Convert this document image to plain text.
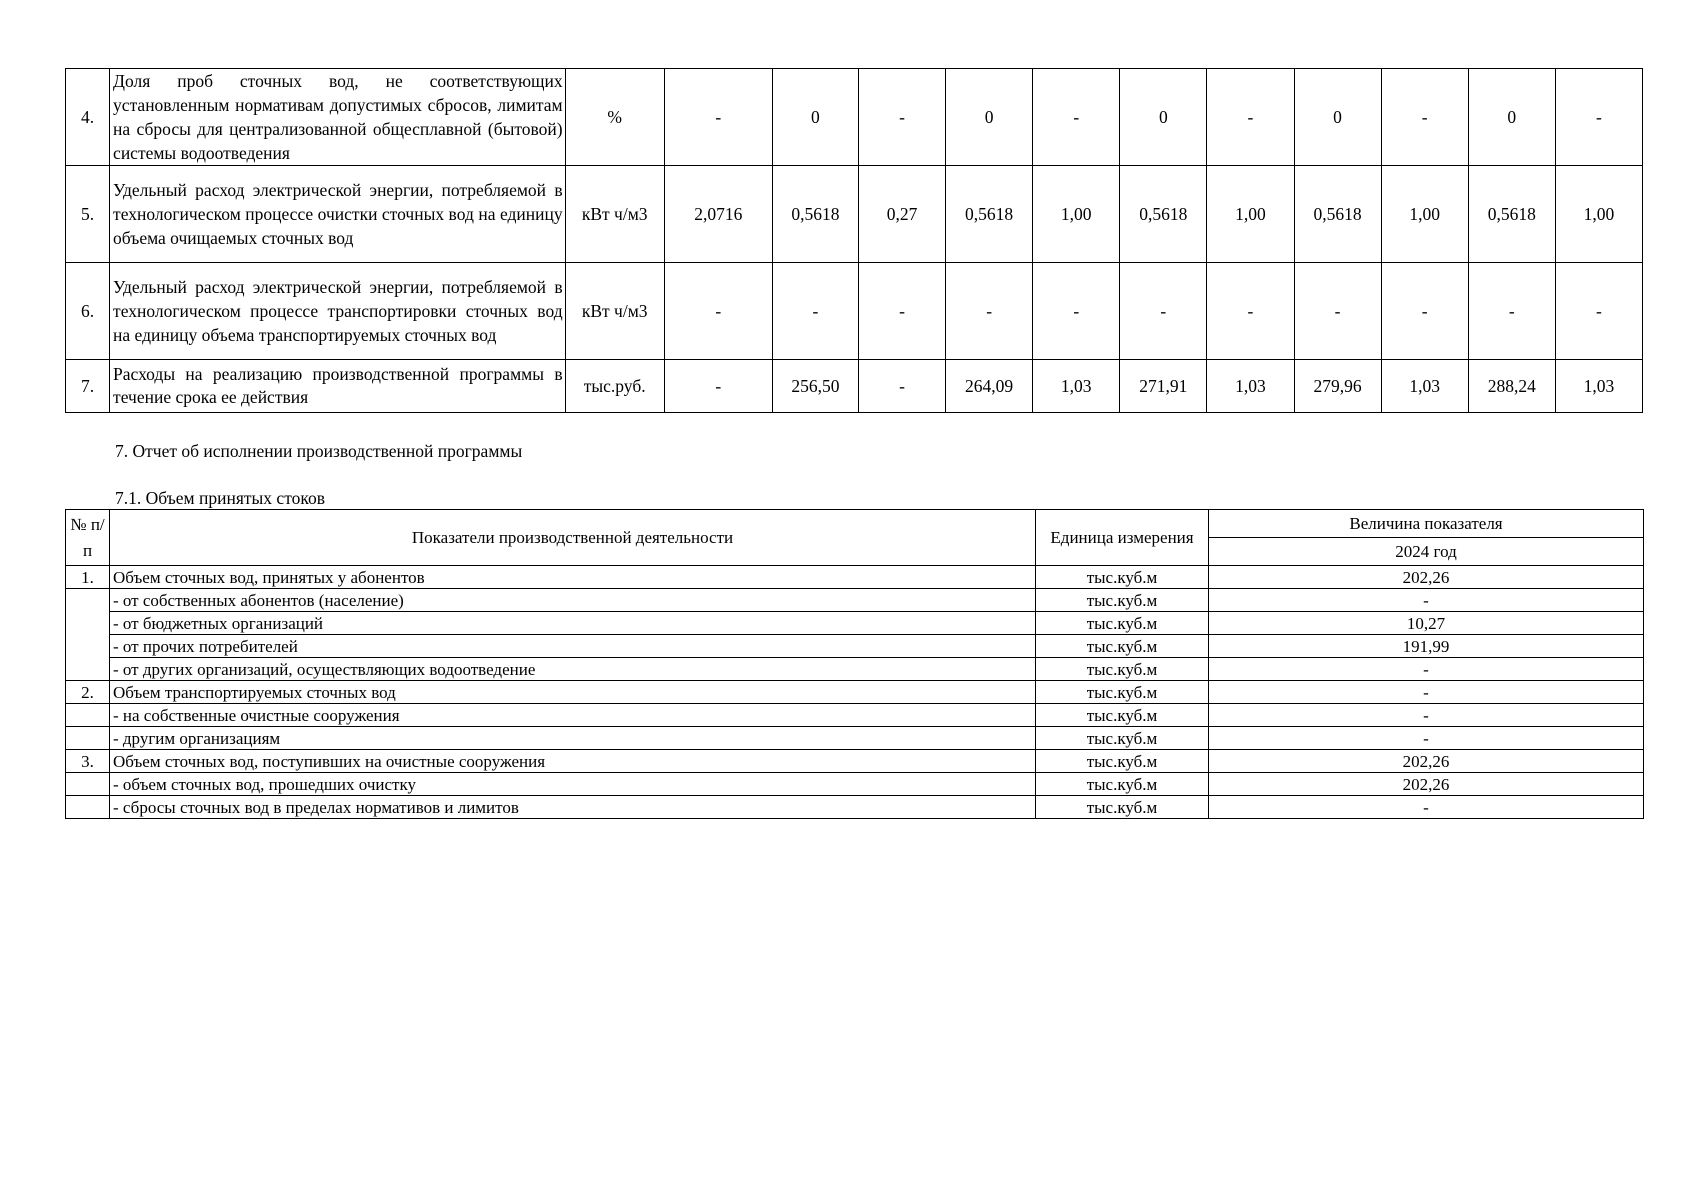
4.	Доля проб сточных вод, не соответствующих установленным нормативам допустимых сбросов, лимитам на сбросы для централизованной общесплавной (бытовой) системы водоотведения	%	-	0	-	0	-	0	-	0	-	0	-
5.	Удельный расход электрической энергии, потребляемой в технологическом процессе очистки сточных вод на единицу объема очищаемых сточных вод	кВт ч/м3	2,0716	0,5618	0,27	0,5618	1,00	0,5618	1,00	0,5618	1,00	0,5618	1,00
6.	Удельный расход электрической энергии, потребляемой в технологическом процессе транспортировки сточных вод на единицу объема транспортируемых сточных вод	кВт ч/м3	-	-	-	-	-	-	-	-	-	-	-
7.	Расходы на реализацию производственной программы в течение срока ее действия	тыс.руб.	-	256,50	-	264,09	1,03	271,91	1,03	279,96	1,03	288,24	1,03
7. Отчет об исполнении производственной программы
7.1. Объем принятых стоков
№ п/п	Показатели производственной деятельности	Единица измерения	Величина показателя
			2024 год
1.	Объем сточных вод, принятых у абонентов	тыс.куб.м	202,26
	- от собственных абонентов (население)	тыс.куб.м	-
	- от бюджетных организаций	тыс.куб.м	10,27
	- от прочих потребителей	тыс.куб.м	191,99
	- от других организаций, осуществляющих водоотведение	тыс.куб.м	-
2.	Объем транспортируемых сточных вод	тыс.куб.м	-
	- на собственные очистные сооружения	тыс.куб.м	-
	- другим организациям	тыс.куб.м	-
3.	Объем сточных вод, поступивших на очистные сооружения	тыс.куб.м	202,26
	- объем сточных вод, прошедших очистку	тыс.куб.м	202,26
	- сбросы сточных вод в пределах нормативов и лимитов	тыс.куб.м	-
